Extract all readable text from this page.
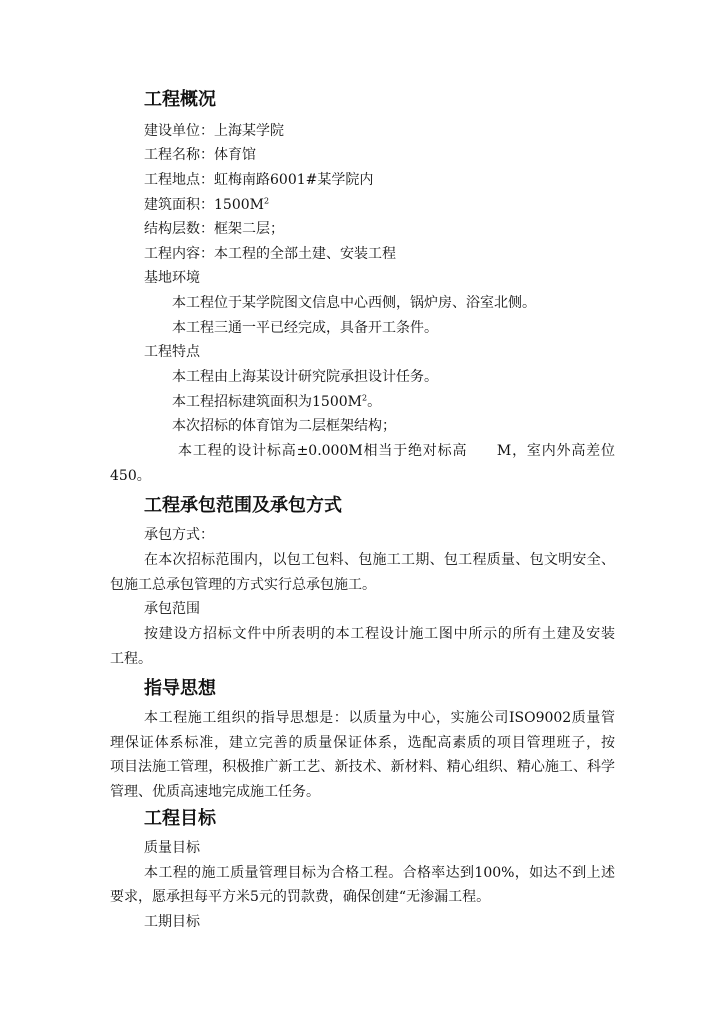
工程概况
建设单位：上海某学院
工程名称：体育馆
工程地点：虹梅南路6001#某学院内
建筑面积：$1500M^2$
结构层数：框架二层；
工程内容：本工程的全部土建、安装工程
基地环境
本工程位于某学院图文信息中心西侧，锅炉房、浴室北侧。
本工程三通一平已经完成，具备开工条件。
工程特点
本工程由上海某设计研究院承担设计任务。
本工程招标建筑面积为$1500M^2$。
本次招标的体育馆为二层框架结构；
本工程的设计标高±0.000M相当于绝对标高　　M，室内外高差位
450。
工程承包范围及承包方式
承包方式：
在本次招标范围内，以包工包料、包施工工期、包工程质量、包文明安全、
包施工总承包管理的方式实行总承包施工。
承包范围
按建设方招标文件中所表明的本工程设计施工图中所示的所有土建及安装
工程。
指导思想
本工程施工组织的指导思想是：以质量为中心，实施公司ISO9002质量管
理保证体系标准，建立完善的质量保证体系，选配高素质的项目管理班子，按
项目法施工管理，积极推广新工艺、新技术、新材料、精心组织、精心施工、科学
管理、优质高速地完成施工任务。
工程目标
质量目标
本工程的施工质量管理目标为合格工程。合格率达到100%，如达不到上述
要求，愿承担每平方米5元的罚款费，确保创建“无渗漏工程。
工期目标
